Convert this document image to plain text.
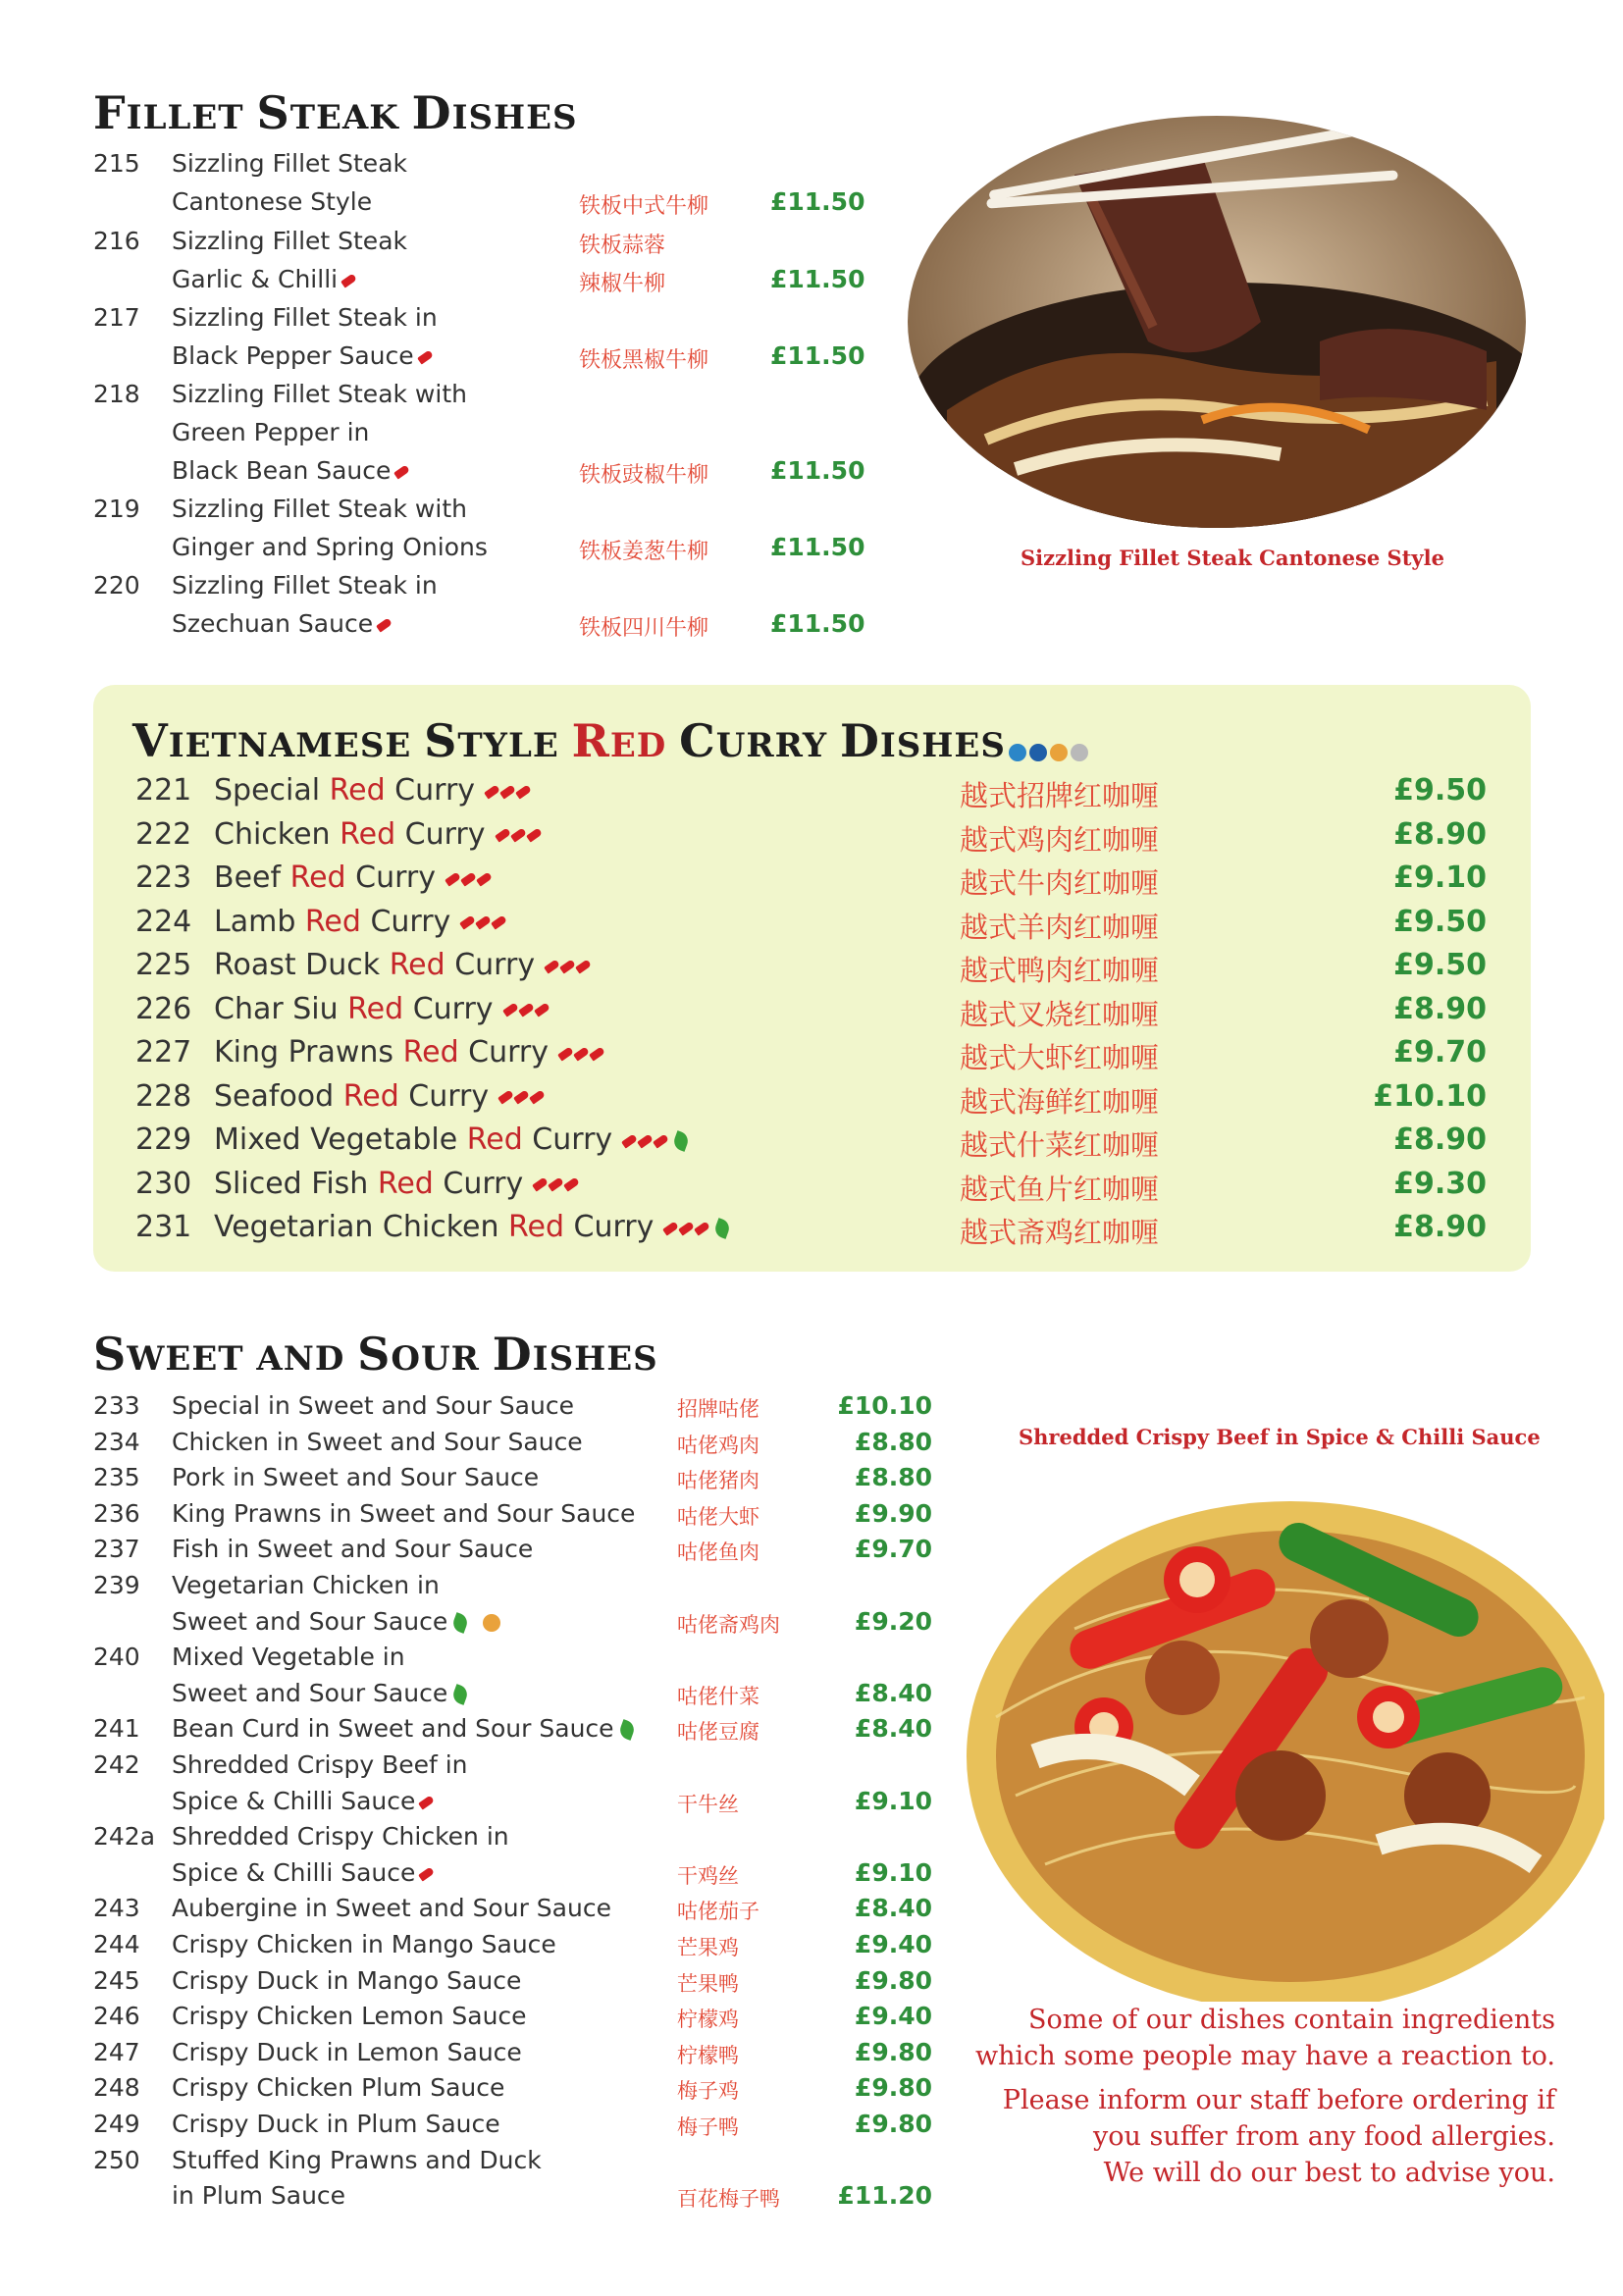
FILLET STEAK DISHES
215 Sizzling Fillet Steak
Cantonese Style	铁板中式牛柳	£11.50
216 Sizzling Fillet Steak
Garlic & Chilli
铁板蒜蓉
辣椒牛柳	£11.50
217 Sizzling Fillet Steak in
Black Pepper Sauce	铁板黑椒牛柳	£11.50
218 Sizzling Fillet Steak with
Green Pepper in
Black Bean Sauce	铁板豉椒牛柳	£11.50
219 Sizzling Fillet Steak with
Ginger and Spring Onions	铁板姜葱牛柳	£11.50
220 Sizzling Fillet Steak in
Szechuan Sauce	铁板四川牛柳	£11.50
Sizzling Fillet Steak Cantonese Style
VIETNAMESE STYLE RED CURRY DISHES
221 Special Red Curry	越式招牌红咖喱	£9.50
222 Chicken Red Curry	越式鸡肉红咖喱	£8.90
223 Beef Red Curry	越式牛肉红咖喱	£9.10
224 Lamb Red Curry	越式羊肉红咖喱	£9.50
225 Roast Duck Red Curry	越式鸭肉红咖喱	£9.50
226 Char Siu Red Curry	越式叉烧红咖喱	£8.90
227 King Prawns Red Curry	越式大虾红咖喱	£9.70
228 Seafood Red Curry	越式海鲜红咖喱	£10.10
229 Mixed Vegetable Red Curry	越式什菜红咖喱	£8.90
230 Sliced Fish Red Curry	越式鱼片红咖喱	£9.30
231 Vegetarian Chicken Red Curry	越式斋鸡红咖喱	£8.90
SWEET AND SOUR DISHES
233 Special in Sweet and Sour Sauce	招牌咕佬	£10.10
234 Chicken in Sweet and Sour Sauce	咕佬鸡肉	£8.80
235 Pork in Sweet and Sour Sauce	咕佬猪肉	£8.80
236 King Prawns in Sweet and Sour Sauce 咕佬大虾	£9.90
237 Fish in Sweet and Sour Sauce	咕佬鱼肉	£9.70
239 Vegetarian Chicken in
Sweet and Sour Sauce	咕佬斋鸡肉	£9.20
240 Mixed Vegetable in
Sweet and Sour Sauce	咕佬什菜	£8.40
241 Bean Curd in Sweet and Sour Sauce	咕佬豆腐	£8.40
242 Shredded Crispy Beef in
Spice & Chilli Sauce	干牛丝	£9.10
242a Shredded Crispy Chicken in
Spice & Chilli Sauce	干鸡丝	£9.10
243 Aubergine in Sweet and Sour Sauce	咕佬茄子	£8.40
244 Crispy Chicken in Mango Sauce	芒果鸡	£9.40
245 Crispy Duck in Mango Sauce	芒果鸭	£9.80
246 Crispy Chicken Lemon Sauce	柠檬鸡	£9.40
247 Crispy Duck in Lemon Sauce	柠檬鸭	£9.80
248 Crispy Chicken Plum Sauce	梅子鸡	£9.80
249 Crispy Duck in Plum Sauce	梅子鸭	£9.80
250 Stuffed King Prawns and Duck
in Plum Sauce	百花梅子鸭	£11.20
Shredded Crispy Beef in Spice & Chilli Sauce
Some of our dishes contain ingredients
which some people may have a reaction to.
Please inform our staff before ordering if
you suffer from any food allergies.
We will do our best to advise you.
